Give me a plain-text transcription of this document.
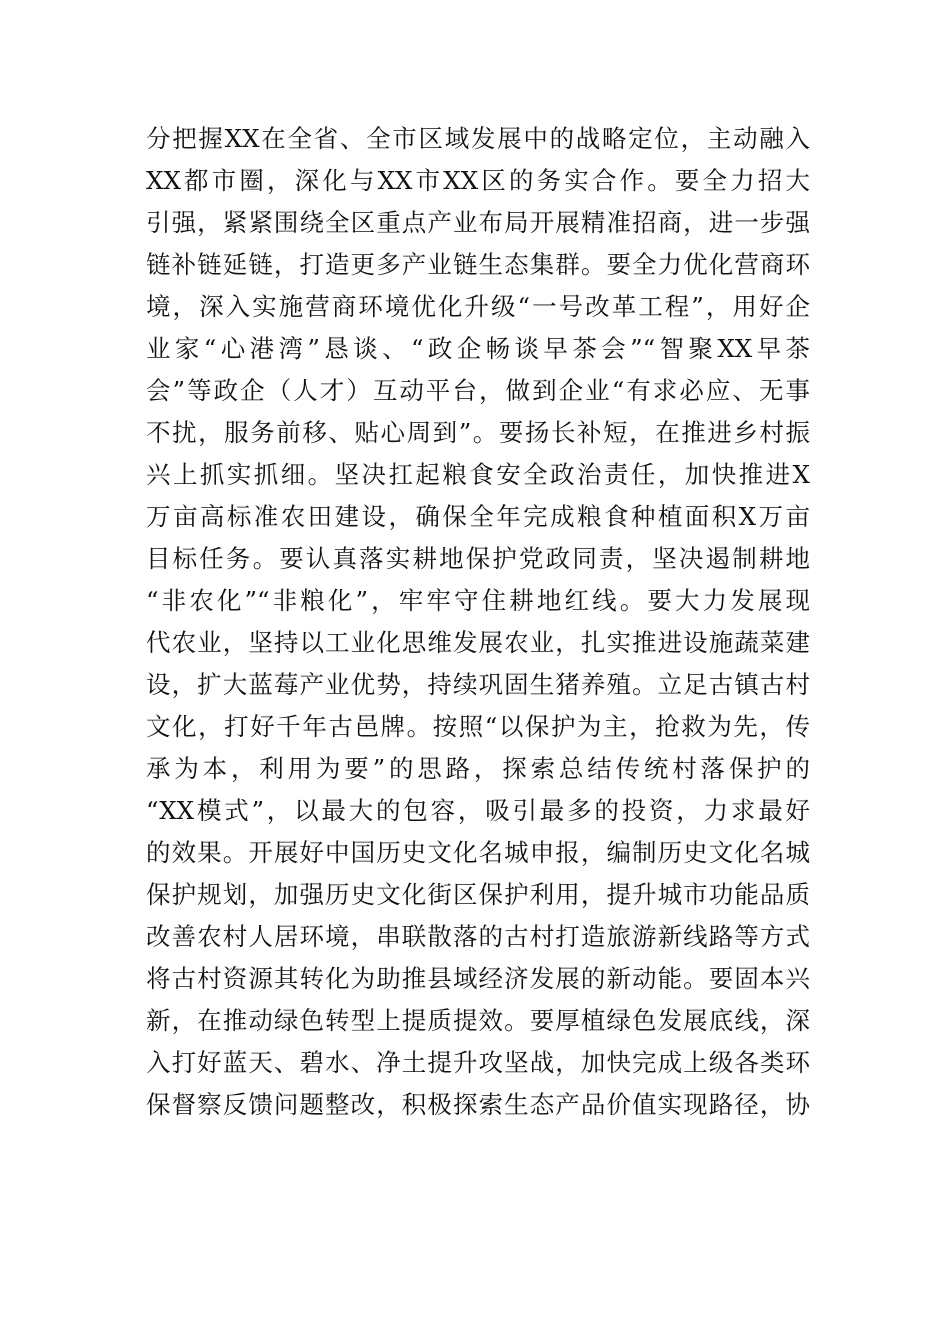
分把握XX在全省、全市区域发展中的战略定位，主动融入
XX都市圈，深化与XX市XX区的务实合作。要全力招大
引强，紧紧围绕全区重点产业布局开展精准招商，进一步强
链补链延链，打造更多产业链生态集群。要全力优化营商环
境，深入实施营商环境优化升级“一号改革工程”，用好企
业家“心港湾”恳谈、“政企畅谈早茶会”“智聚XX早茶
会”等政企（人才）互动平台，做到企业“有求必应、无事
不扰，服务前移、贴心周到”。要扬长补短，在推进乡村振
兴上抓实抓细。坚决扛起粮食安全政治责任，加快推进X
万亩高标准农田建设，确保全年完成粮食种植面积X万亩
目标任务。要认真落实耕地保护党政同责，坚决遏制耕地
“非农化”“非粮化”，牢牢守住耕地红线。要大力发展现
代农业，坚持以工业化思维发展农业，扎实推进设施蔬菜建
设，扩大蓝莓产业优势，持续巩固生猪养殖。立足古镇古村
文化，打好千年古邑牌。按照“以保护为主，抢救为先，传
承为本，利用为要”的思路，探索总结传统村落保护的
“XX模式”，以最大的包容，吸引最多的投资，力求最好
的效果。开展好中国历史文化名城申报，编制历史文化名城
保护规划，加强历史文化街区保护利用，提升城市功能品质
改善农村人居环境，串联散落的古村打造旅游新线路等方式
将古村资源其转化为助推县域经济发展的新动能。要固本兴
新，在推动绿色转型上提质提效。要厚植绿色发展底线，深
入打好蓝天、碧水、净土提升攻坚战，加快完成上级各类环
保督察反馈问题整改，积极探索生态产品价值实现路径，协
